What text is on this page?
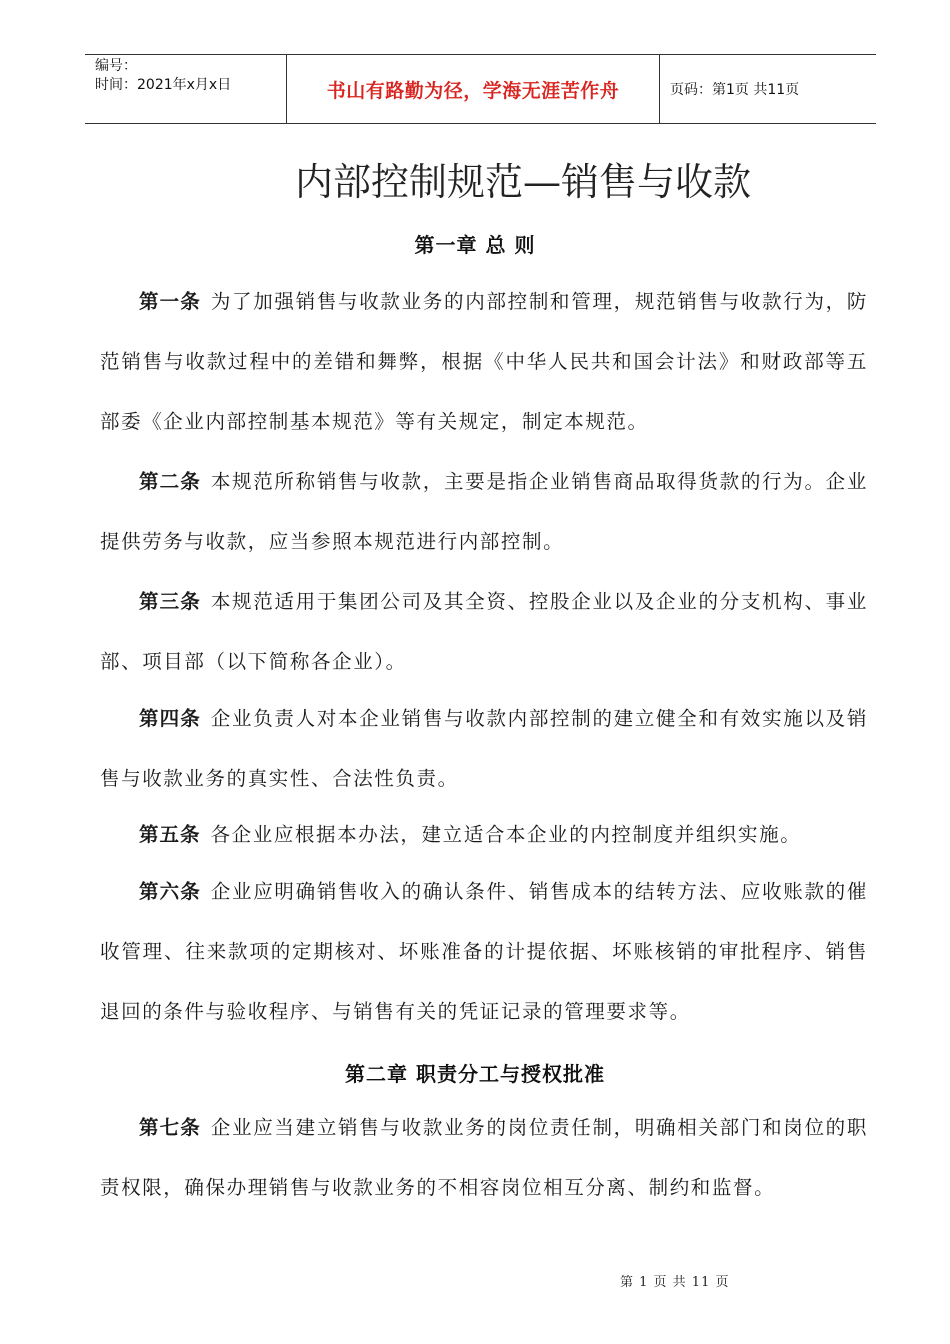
编号：
时间：2021年x月x日	书山有路勤为径，学海无涯苦作舟	页码：第1页 共11页
内部控制规范—销售与收款
第一章 总 则
第一条 为了加强销售与收款业务的内部控制和管理，规范销售与收款行为，防范销售与收款过程中的差错和舞弊，根据《中华人民共和国会计法》和财政部等五部委《企业内部控制基本规范》等有关规定，制定本规范。
第二条 本规范所称销售与收款，主要是指企业销售商品取得货款的行为。企业提供劳务与收款，应当参照本规范进行内部控制。
第三条 本规范适用于集团公司及其全资、控股企业以及企业的分支机构、事业部、项目部（以下简称各企业）。
第四条 企业负责人对本企业销售与收款内部控制的建立健全和有效实施以及销售与收款业务的真实性、合法性负责。
第五条 各企业应根据本办法，建立适合本企业的内控制度并组织实施。
第六条 企业应明确销售收入的确认条件、销售成本的结转方法、应收账款的催收管理、往来款项的定期核对、坏账准备的计提依据、坏账核销的审批程序、销售退回的条件与验收程序、与销售有关的凭证记录的管理要求等。
第二章 职责分工与授权批准
第七条 企业应当建立销售与收款业务的岗位责任制，明确相关部门和岗位的职责权限，确保办理销售与收款业务的不相容岗位相互分离、制约和监督。
第 1 页 共 11 页
